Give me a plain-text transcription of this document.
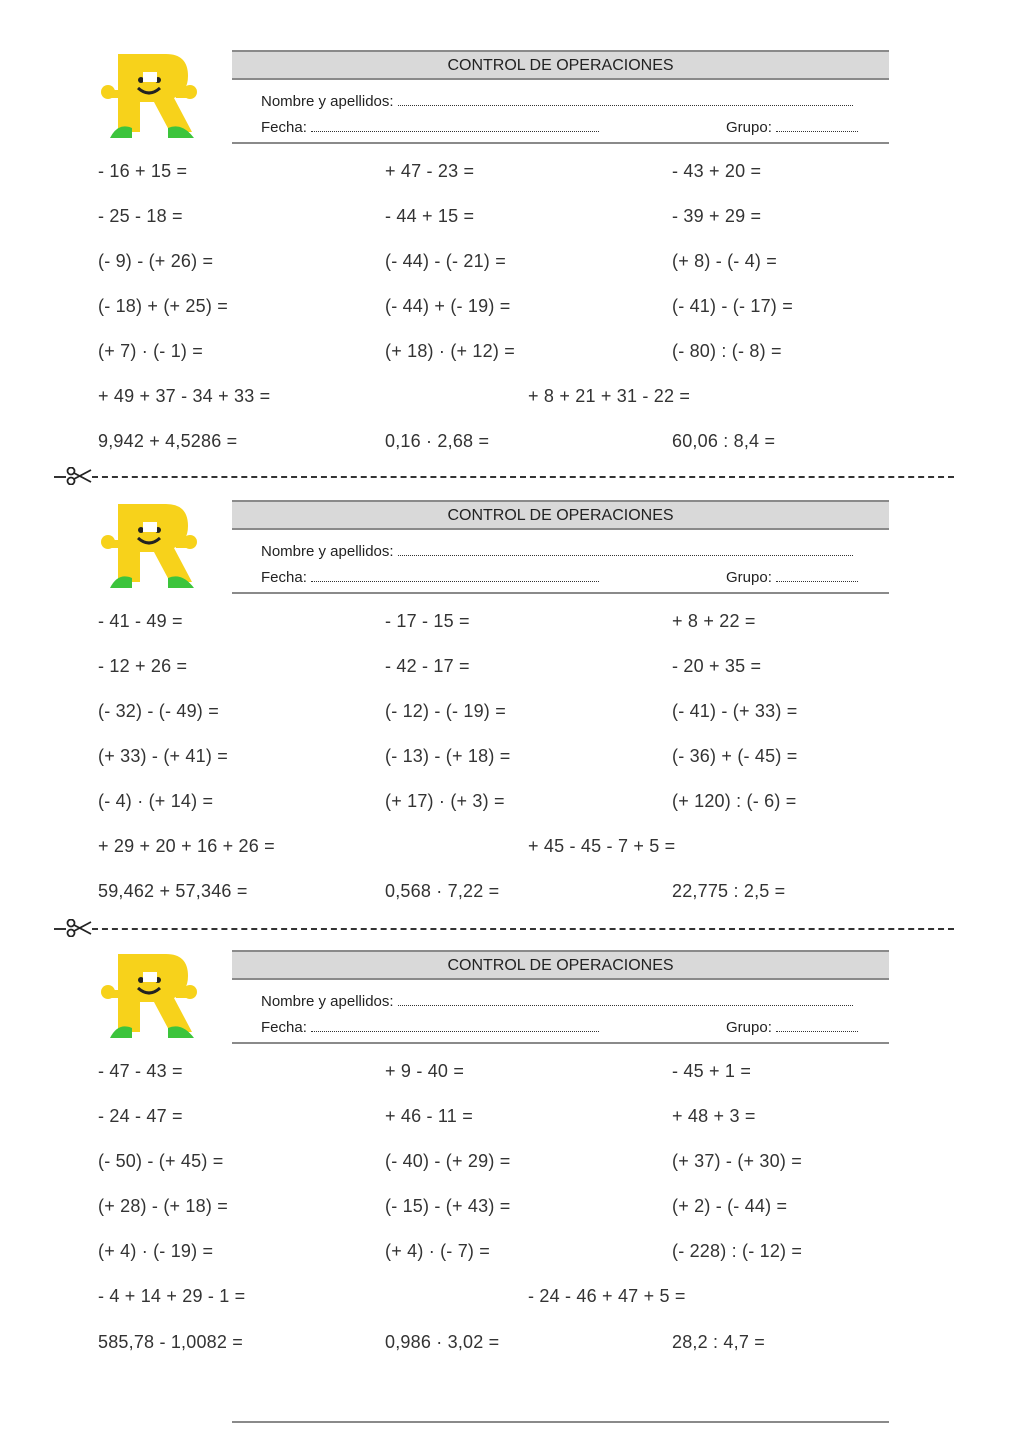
CONTROL DE OPERACIONES
Nombre y apellidos:
Fecha:	Grupo:
- 16 + 15 =	+ 47 - 23 =	- 43 + 20 =
- 25 - 18 =	- 44 + 15 =	- 39 + 29 =
(- 9) - (+ 26) =	(- 44) - (- 21) =	(+ 8) - (- 4) =
(- 18) + (+ 25) =	(- 44) + (- 19) =	(- 41) - (- 17) =
(+ 7) · (- 1) =	(+ 18) · (+ 12) =	(- 80) : (- 8) =
+ 49 + 37 - 34 + 33 =	+ 8 + 21 + 31 - 22 =
9,942 + 4,5286 =	0,16 · 2,68 =	60,06 : 8,4 =
CONTROL DE OPERACIONES
Nombre y apellidos:
Fecha:	Grupo:
- 41 - 49 =	- 17 - 15 =	+ 8 + 22 =
- 12 + 26 =	- 42 - 17 =	- 20 + 35 =
(- 32) - (- 49) =	(- 12) - (- 19) =	(- 41) - (+ 33) =
(+ 33) - (+ 41) =	(- 13) - (+ 18) =	(- 36) + (- 45) =
(- 4) · (+ 14) =	(+ 17) · (+ 3) =	(+ 120) : (- 6) =
+ 29 + 20 + 16 + 26 =	+ 45 - 45 - 7 + 5 =
59,462 + 57,346 =	0,568 · 7,22 =	22,775 : 2,5 =
CONTROL DE OPERACIONES
Nombre y apellidos:
Fecha:	Grupo:
- 47 - 43 =	+ 9 - 40 =	- 45 + 1 =
- 24 - 47 =	+ 46 - 11 =	+ 48 + 3 =
(- 50) - (+ 45) =	(- 40) - (+ 29) =	(+ 37) - (+ 30) =
(+ 28) - (+ 18) =	(- 15) - (+ 43) =	(+ 2) - (- 44) =
(+ 4) · (- 19) =	(+ 4) · (- 7) =	(- 228) : (- 12) =
- 4 + 14 + 29 - 1 =	- 24 - 46 + 47 + 5 =
585,78 - 1,0082 =	0,986 · 3,02 =	28,2 : 4,7 =
